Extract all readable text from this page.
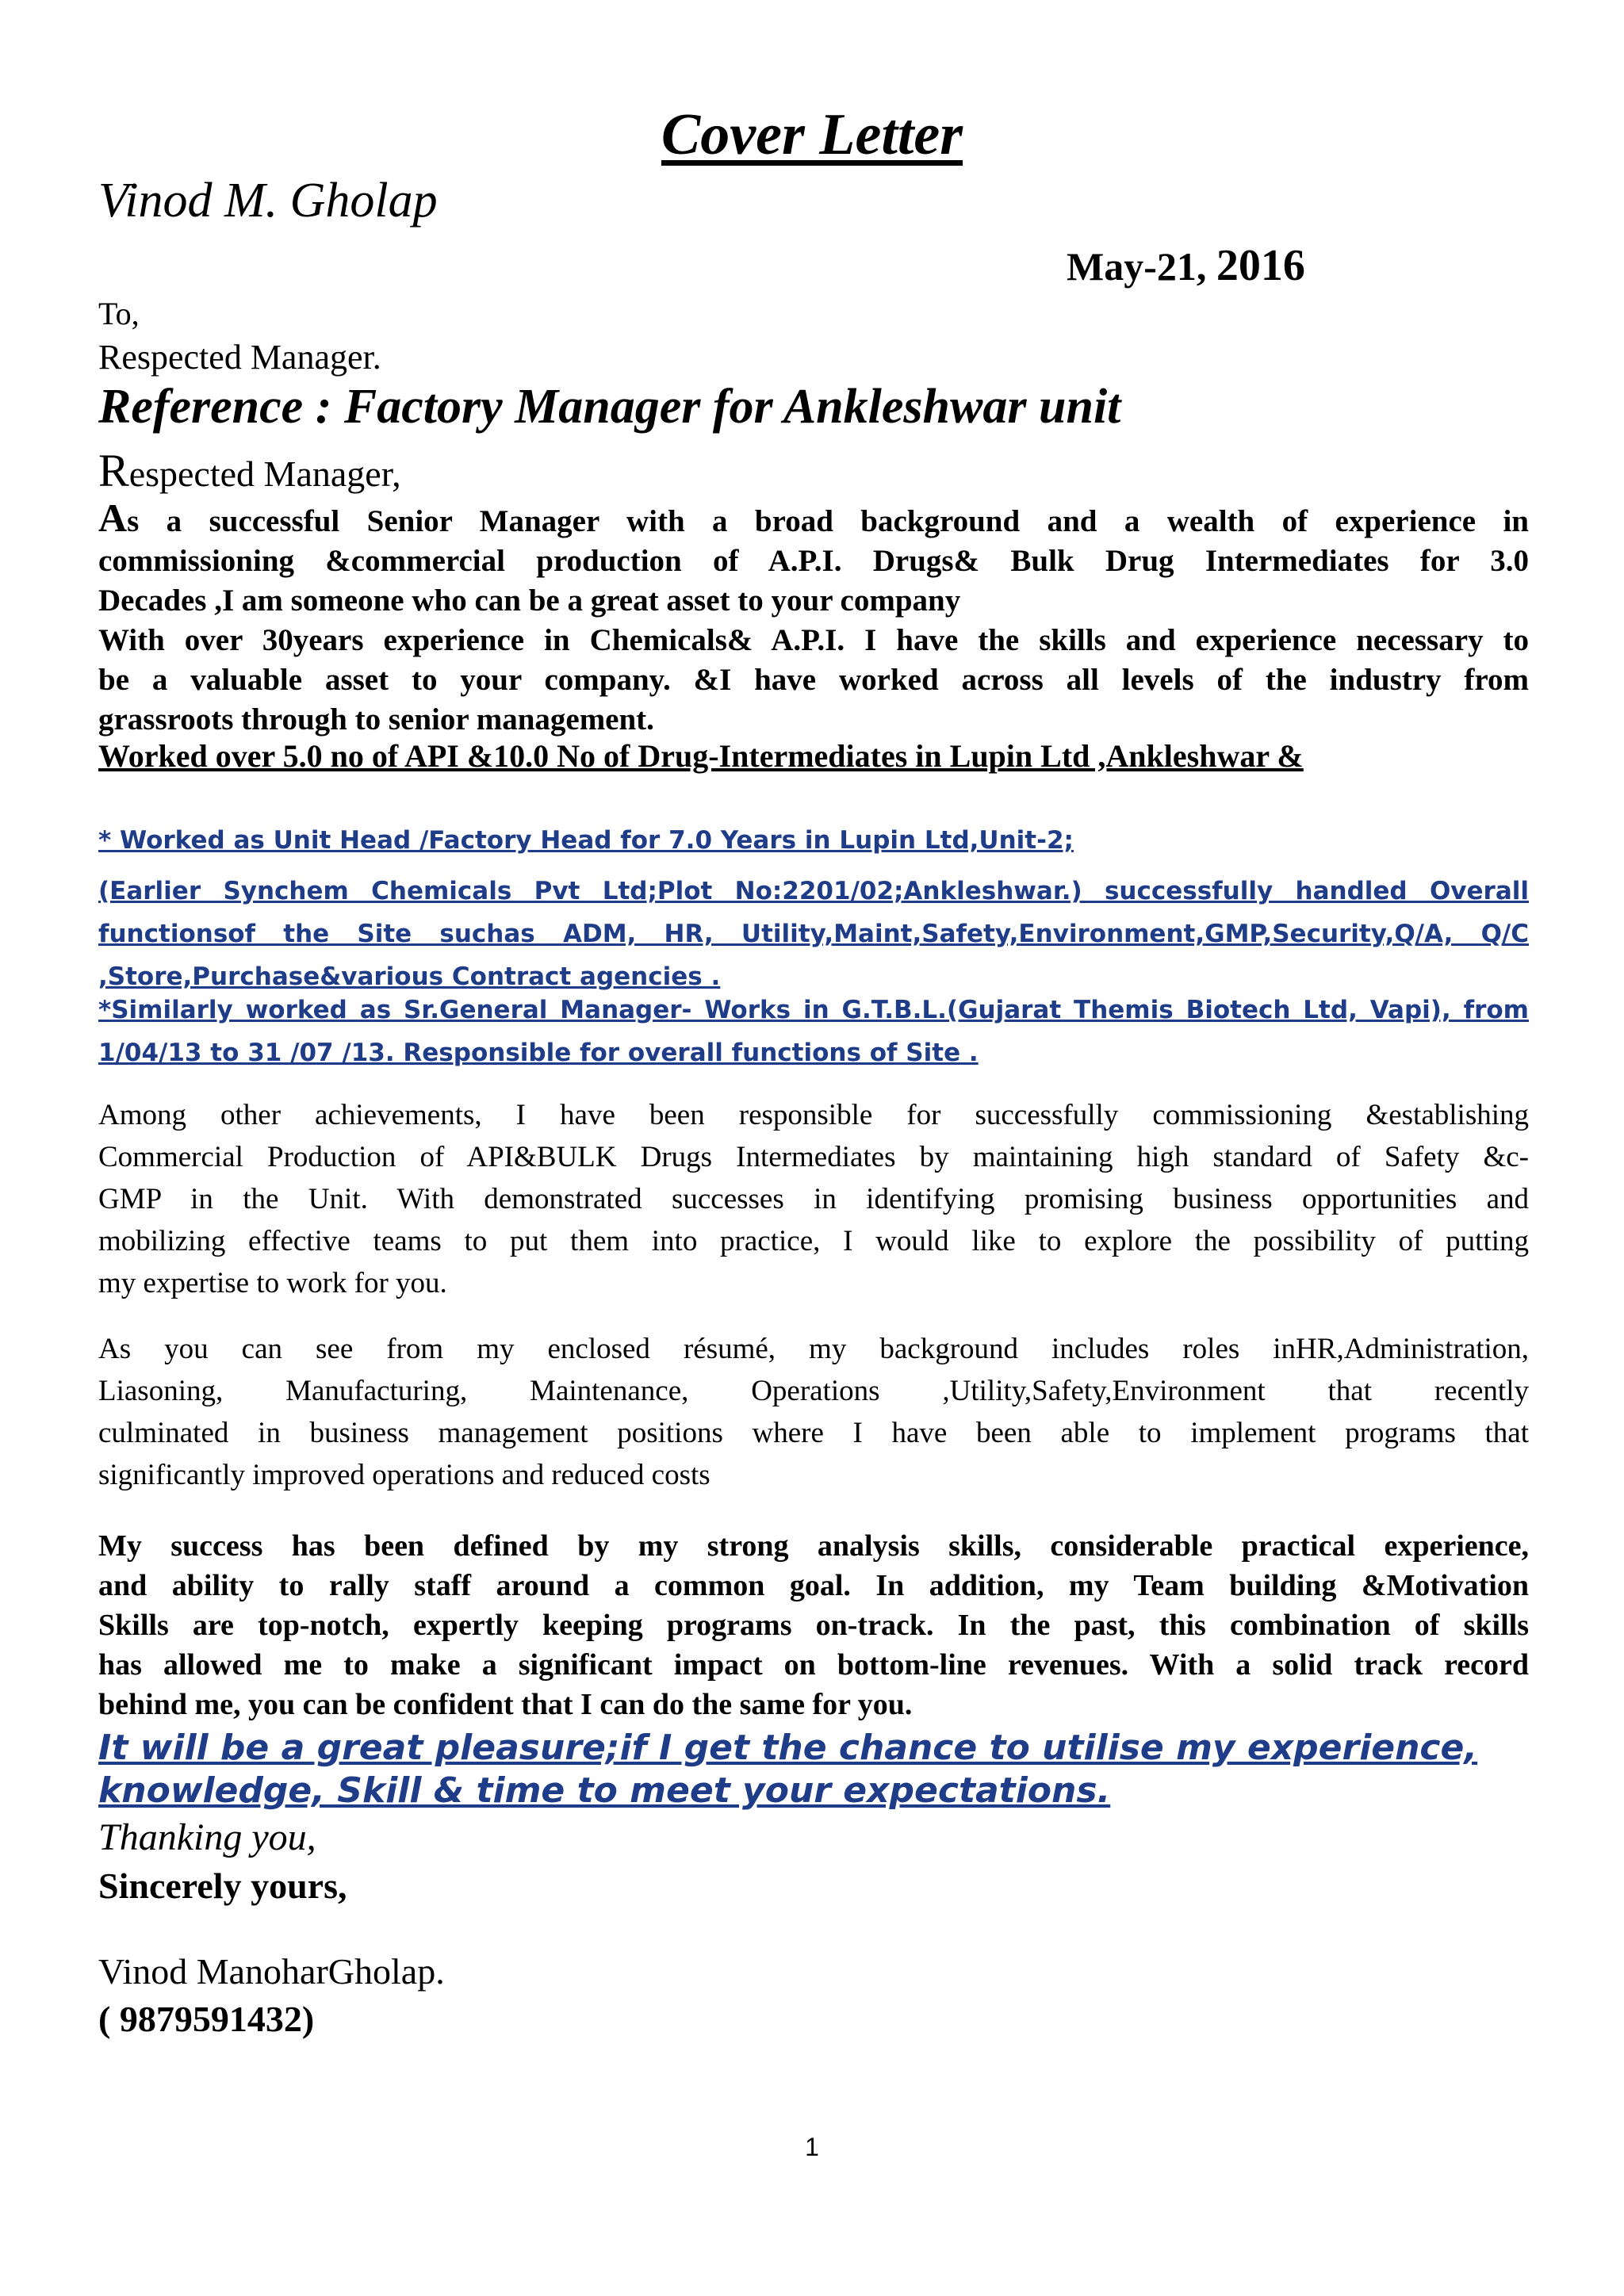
Cover Letter
Vinod M. Gholap
May-21, 2016
To,
Respected Manager.
Reference : Factory Manager for Ankleshwar unit
Respected Manager,
As a successful Senior Manager with a broad background and a wealth of experience in
commissioning &commercial production of A.P.I. Drugs& Bulk Drug Intermediates for 3.0
Decades ,I am someone who can be a great asset to your company
With over 30years experience in Chemicals& A.P.I. I have the skills and experience necessary to
be a valuable asset to your company. &I have worked across all levels of the industry from
grassroots through to senior management.
Worked over 5.0 no of API &10.0 No of Drug-Intermediates in Lupin Ltd ,Ankleshwar &
* Worked as Unit Head /Factory Head for 7.0 Years in Lupin Ltd,Unit-2;
(Earlier Synchem Chemicals Pvt Ltd;Plot No:2201/02;Ankleshwar.) successfully handled Overall
functionsof the Site suchas ADM, HR, Utility,Maint,Safety,Environment,GMP,Security,Q/A, Q/C
,Store,Purchase&various Contract agencies .
*Similarly worked as Sr.General Manager- Works in G.T.B.L.(Gujarat Themis Biotech Ltd, Vapi), from
1/04/13 to 31 /07 /13. Responsible for overall functions of Site .
Among other achievements, I have been responsible for successfully commissioning &establishing
Commercial Production of API&BULK Drugs Intermediates by maintaining high standard of Safety &c-
GMP in the Unit. With demonstrated successes in identifying promising business opportunities and
mobilizing effective teams to put them into practice, I would like to explore the possibility of putting
my expertise to work for you.
As you can see from my enclosed résumé, my background includes roles inHR,Administration,
Liasoning, Manufacturing, Maintenance, Operations ,Utility,Safety,Environment that recently
culminated in business management positions where I have been able to implement programs that
significantly improved operations and reduced costs
My success has been defined by my strong analysis skills, considerable practical experience,
and ability to rally staff around a common goal. In addition, my Team building &Motivation
Skills are top-notch, expertly keeping programs on-track. In the past, this combination of skills
has allowed me to make a significant impact on bottom-line revenues. With a solid track record
behind me, you can be confident that I can do the same for you.
It will be a great pleasure;if I get the chance to utilise my experience,
knowledge, Skill & time to meet your expectations.
Thanking you,
Sincerely yours,
Vinod ManoharGholap.
( 9879591432)
1
